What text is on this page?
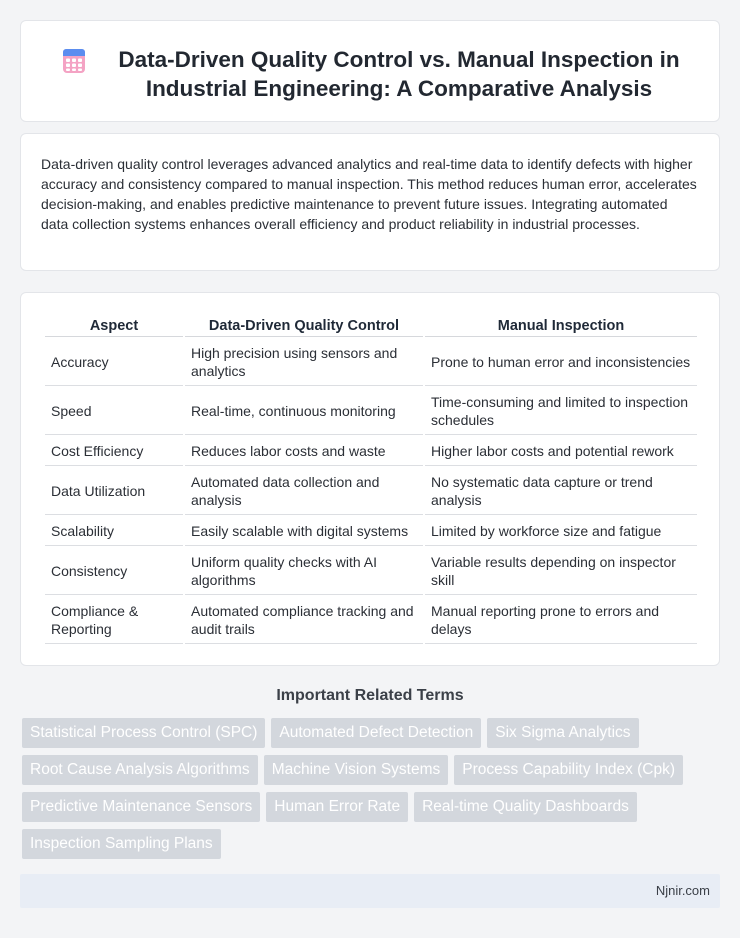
Data-Driven Quality Control vs. Manual Inspection in Industrial Engineering: A Comparative Analysis

Data-driven quality control leverages advanced analytics and real-time data to identify defects with higher accuracy and consistency compared to manual inspection. This method reduces human error, accelerates decision-making, and enables predictive maintenance to prevent future issues. Integrating automated data collection systems enhances overall efficiency and product reliability in industrial processes.

Aspect	Data-Driven Quality Control	Manual Inspection
Accuracy	High precision using sensors and analytics	Prone to human error and inconsistencies
Speed	Real-time, continuous monitoring	Time-consuming and limited to inspection schedules
Cost Efficiency	Reduces labor costs and waste	Higher labor costs and potential rework
Data Utilization	Automated data collection and analysis	No systematic data capture or trend analysis
Scalability	Easily scalable with digital systems	Limited by workforce size and fatigue
Consistency	Uniform quality checks with AI algorithms	Variable results depending on inspector skill
Compliance & Reporting	Automated compliance tracking and audit trails	Manual reporting prone to errors and delays
Important Related Terms
Statistical Process Control (SPC)	Automated Defect Detection	Six Sigma Analytics
Root Cause Analysis Algorithms	Machine Vision Systems	Process Capability Index (Cpk)
Predictive Maintenance Sensors	Human Error Rate	Real-time Quality Dashboards
Inspection Sampling Plans
Njnir.com
